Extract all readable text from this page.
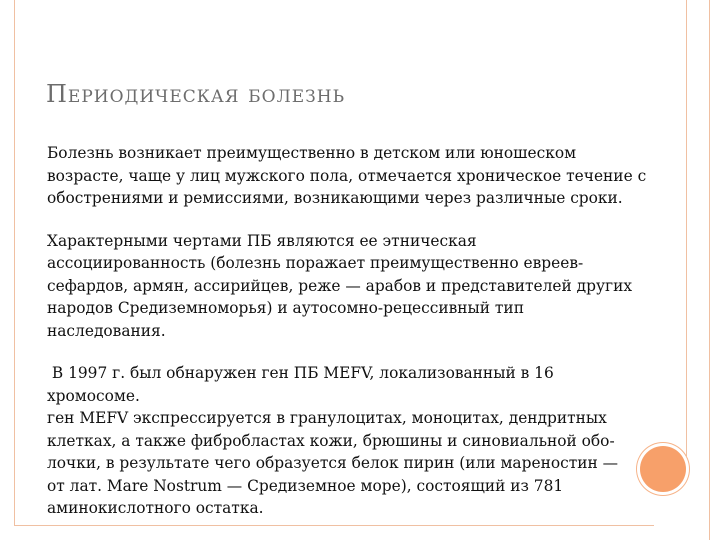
Периодическая болезнь

Болезнь возникает преимущественно в детском или юношеском
возрасте, чаще у лиц мужского пола, отмечается хроническое течение с
обострениями и ремиссиями, возникающими через различные сроки.

Характерными чертами ПБ являются ее этническая
ассоциированность (болезнь поражает преимущественно евреев-
сефардов, армян, ассирийцев, реже — арабов и представителей других
народов Средиземноморья) и аутосомно-рецессивный тип
наследования.

В 1997 г. был обнаружен ген ПБ MEFV, локализованный в 16
хромосоме.
ген MEFV экспрессируется в гранулоцитах, моноцитах, дендритных
клетках, а также фибробластах кожи, брюшины и синовиальной обо-
лочки, в результате чего образуется белок пирин (или мареностин —
от лат. Mare Nostrum — Средиземное море), состоящий из 781
аминокислотного остатка.
